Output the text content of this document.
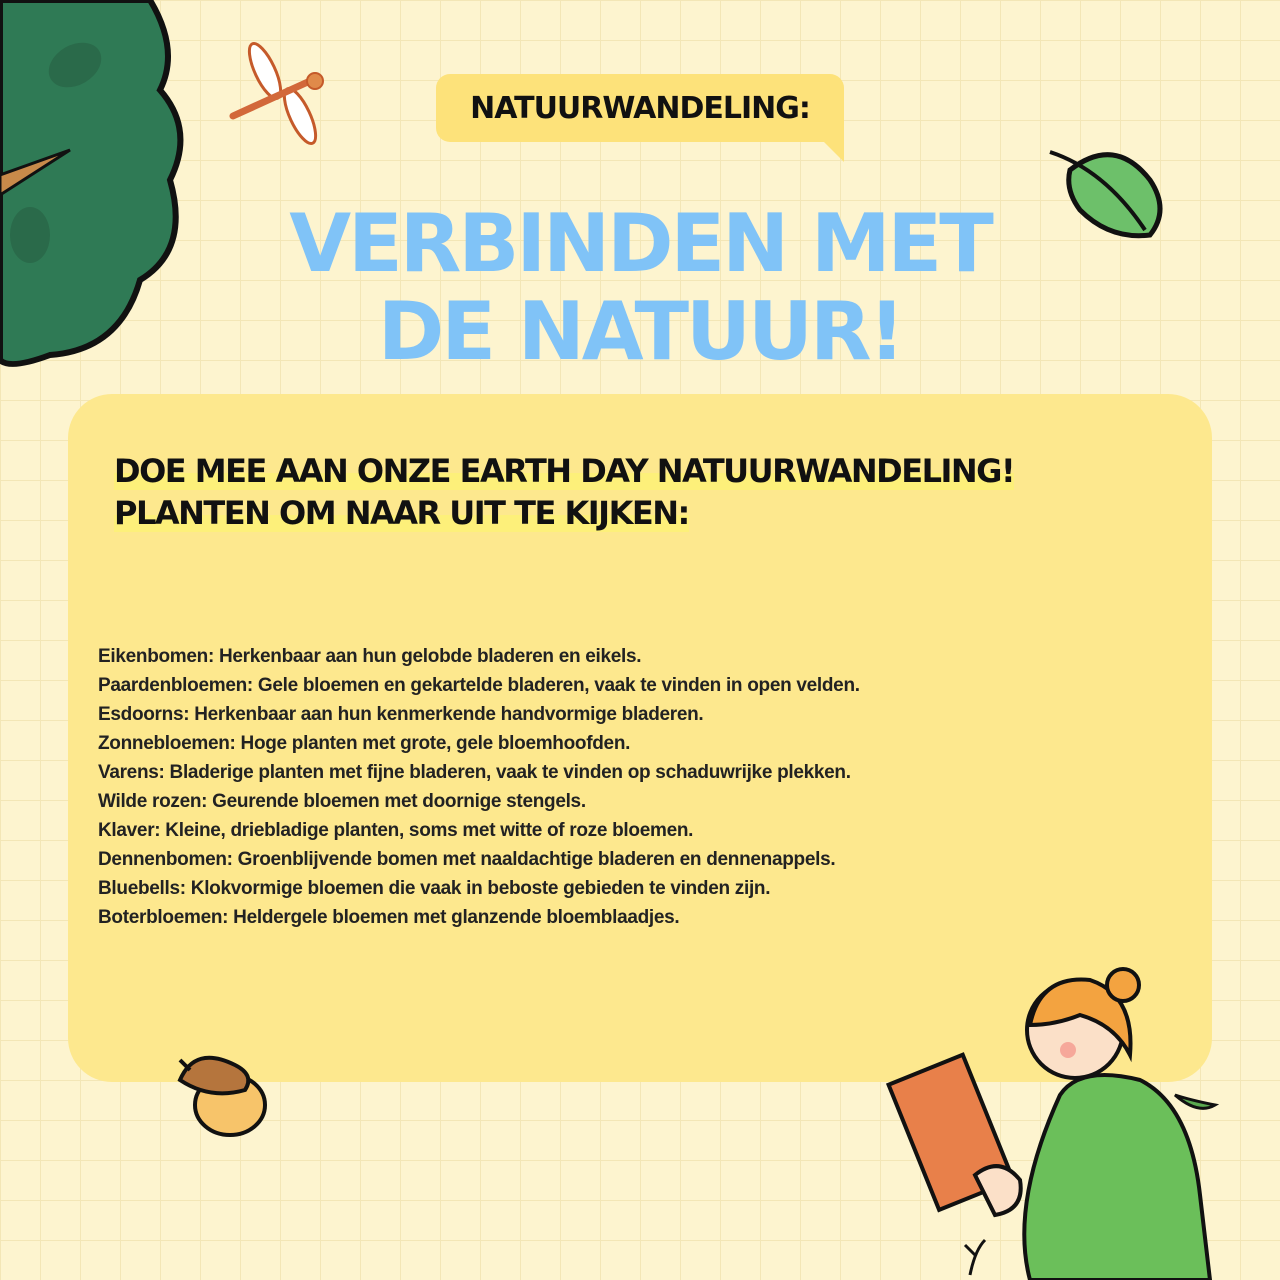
NATUURWANDELING:
VERBINDEN MET
DE NATUUR!
DOE MEE AAN ONZE EARTH DAY NATUURWANDELING!
PLANTEN OM NAAR UIT TE KIJKEN:
Eikenbomen: Herkenbaar aan hun gelobde bladeren en eikels.
Paardenbloemen: Gele bloemen en gekartelde bladeren, vaak te vinden in open velden.
Esdoorns: Herkenbaar aan hun kenmerkende handvormige bladeren.
Zonnebloemen: Hoge planten met grote, gele bloemhoofden.
Varens: Bladerige planten met fijne bladeren, vaak te vinden op schaduwrijke plekken.
Wilde rozen: Geurende bloemen met doornige stengels.
Klaver: Kleine, driebladige planten, soms met witte of roze bloemen.
Dennenbomen: Groenblijvende bomen met naaldachtige bladeren en dennenappels.
Bluebells: Klokvormige bloemen die vaak in beboste gebieden te vinden zijn.
Boterbloemen: Heldergele bloemen met glanzende bloemblaadjes.
